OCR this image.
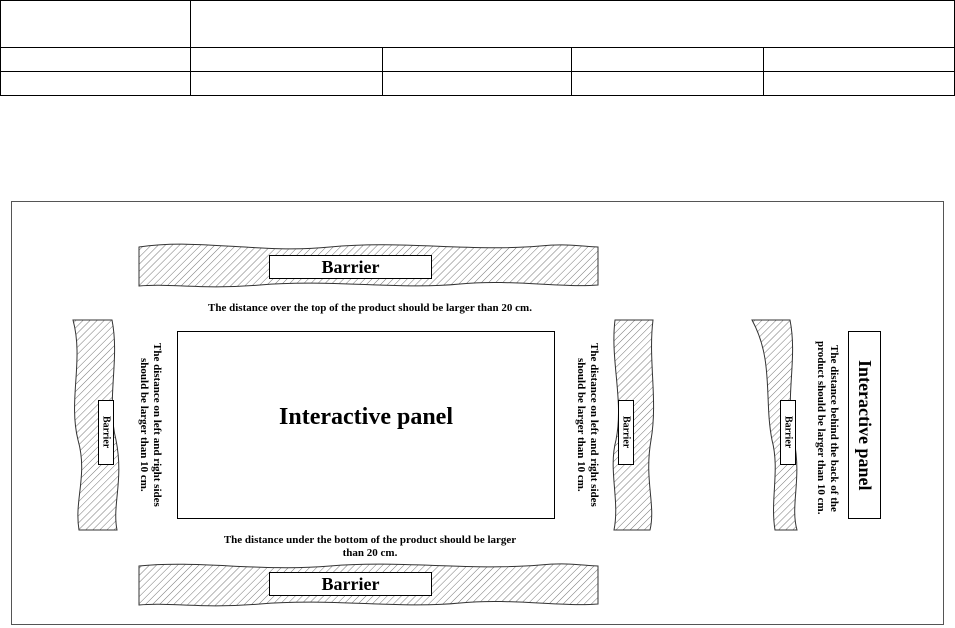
Barrier
Barrier
Barrier	Barrier	Barrier
The distance over the top of the product should be larger than 20 cm.
The distance under the bottom of the product should be larger
than 20 cm.
The distance on left and right sides
should be larger than 10 cm.	The distance on left and right sides
should be larger than 10 cm.	The distance behind the back of the
product should be larger than 10 cm.
Interactive panel	Interactive panel
